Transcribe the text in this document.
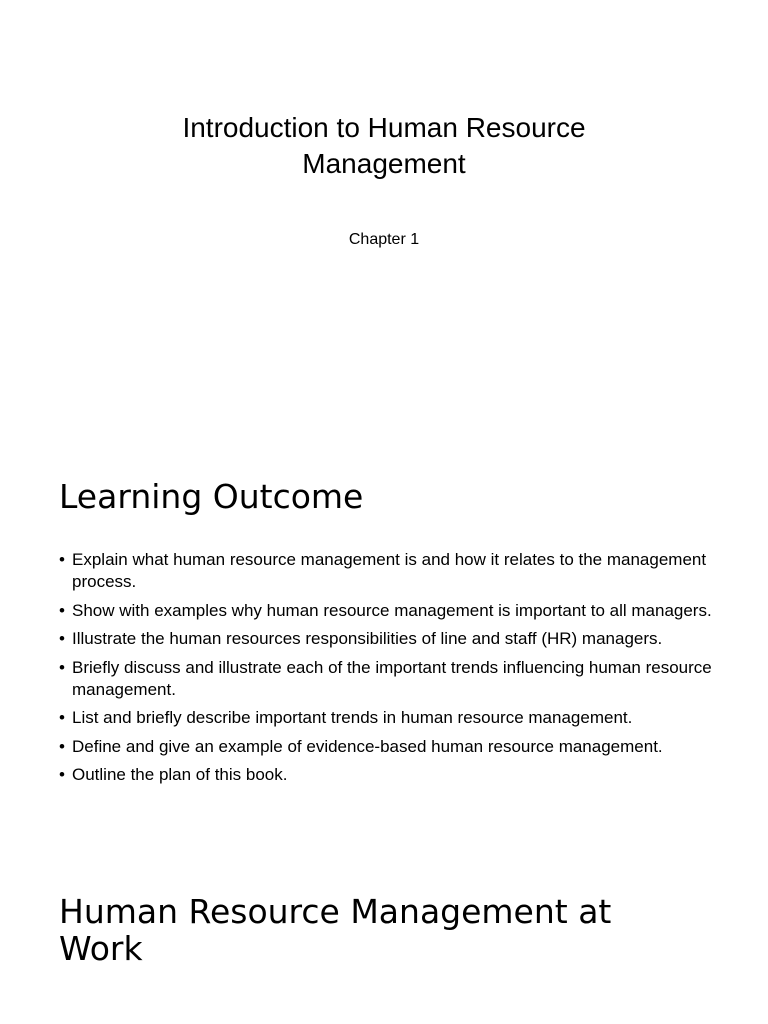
Introduction to Human Resource Management

Chapter 1

Learning Outcome
• Explain what human resource management is and how it relates to the management process.
• Show with examples why human resource management is important to all managers.
• Illustrate the human resources responsibilities of line and staff (HR) managers.
• Briefly discuss and illustrate each of the important trends influencing human resource management.
• List and briefly describe important trends in human resource management.
• Define and give an example of evidence-based human resource management.
• Outline the plan of this book.
Human Resource Management at Work
